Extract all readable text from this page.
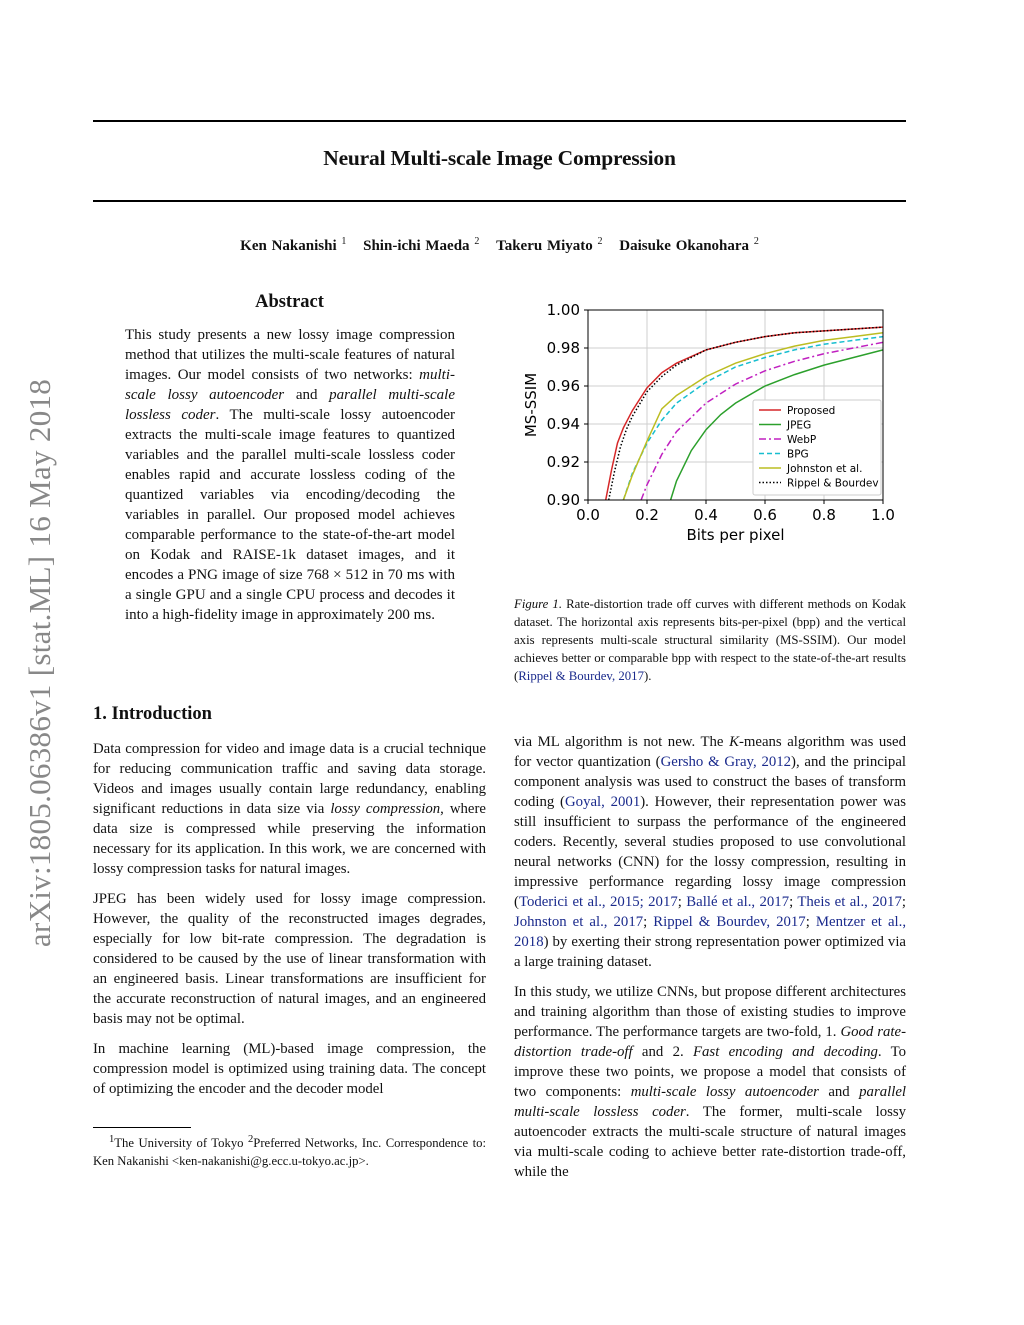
Neural Multi-scale Image Compression
Ken Nakanishi $^1$ Shin-ichi Maeda $^2$ Takeru Miyato $^2$ Daisuke Okanohara $^2$
arXiv:1805.06386v1 [stat.ML] 16 May 2018
Abstract
This study presents a new lossy image compression method that utilizes the multi-scale features of natural images. Our model consists of two networks: multi-scale lossy autoencoder and parallel multi-scale lossless coder. The multi-scale lossy autoencoder extracts the multi-scale image features to quantized variables and the parallel multi-scale lossless coder enables rapid and accurate lossless coding of the quantized variables via encoding/decoding the variables in parallel. Our proposed model achieves comparable performance to the state-of-the-art model on Kodak and RAISE-1k dataset images, and it encodes a PNG image of size 768 × 512 in 70 ms with a single GPU and a single CPU process and decodes it into a high-fidelity image in approximately 200 ms.
1. Introduction

Data compression for video and image data is a crucial technique for reducing communication traffic and saving data storage. Videos and images usually contain large redundancy, enabling significant reductions in data size via lossy compression, where data size is compressed while preserving the information necessary for its application. In this work, we are concerned with lossy compression tasks for natural images.

JPEG has been widely used for lossy image compression. However, the quality of the reconstructed images degrades, especially for low bit-rate compression. The degradation is considered to be caused by the use of linear transformation with an engineered basis. Linear transformations are insufficient for the accurate reconstruction of natural images, and an engineered basis may not be optimal.

In machine learning (ML)-based image compression, the compression model is optimized using training data. The concept of optimizing the encoder and the decoder model

$^1$The University of Tokyo $^2$Preferred Networks, Inc. Correspondence to: Ken Nakanishi <ken-nakanishi@g.ecc.u-tokyo.ac.jp>.
0.0 0.2 0.4 0.6 0.8 1.0
0.90
0.92
0.94
0.96
0.98
1.00
Bits per pixel
MS-SSIM	Proposed
JPEG
WebP
BPG
Johnston et al.
Rippel & Bourdev
Figure 1. Rate-distortion trade off curves with different methods on Kodak dataset. The horizontal axis represents bits-per-pixel (bpp) and the vertical axis represents multi-scale structural similarity (MS-SSIM). Our model achieves better or comparable bpp with respect to the state-of-the-art results (Rippel & Bourdev, 2017).

via ML algorithm is not new. The K-means algorithm was used for vector quantization (Gersho & Gray, 2012), and the principal component analysis was used to construct the bases of transform coding (Goyal, 2001). However, their representation power was still insufficient to surpass the performance of the engineered coders. Recently, several studies proposed to use convolutional neural networks (CNN) for the lossy compression, resulting in impressive performance regarding lossy image compression (Toderici et al., 2015; 2017; Ballé et al., 2017; Theis et al., 2017; Johnston et al., 2017; Rippel & Bourdev, 2017; Mentzer et al., 2018) by exerting their strong representation power optimized via a large training dataset.

In this study, we utilize CNNs, but propose different architectures and training algorithm than those of existing studies to improve performance. The performance targets are two-fold, 1. Good rate-distortion trade-off and 2. Fast encoding and decoding. To improve these two points, we propose a model that consists of two components: multi-scale lossy autoencoder and parallel multi-scale lossless coder. The former, multi-scale lossy autoencoder extracts the multi-scale structure of natural images via multi-scale coding to achieve better rate-distortion trade-off, while the
